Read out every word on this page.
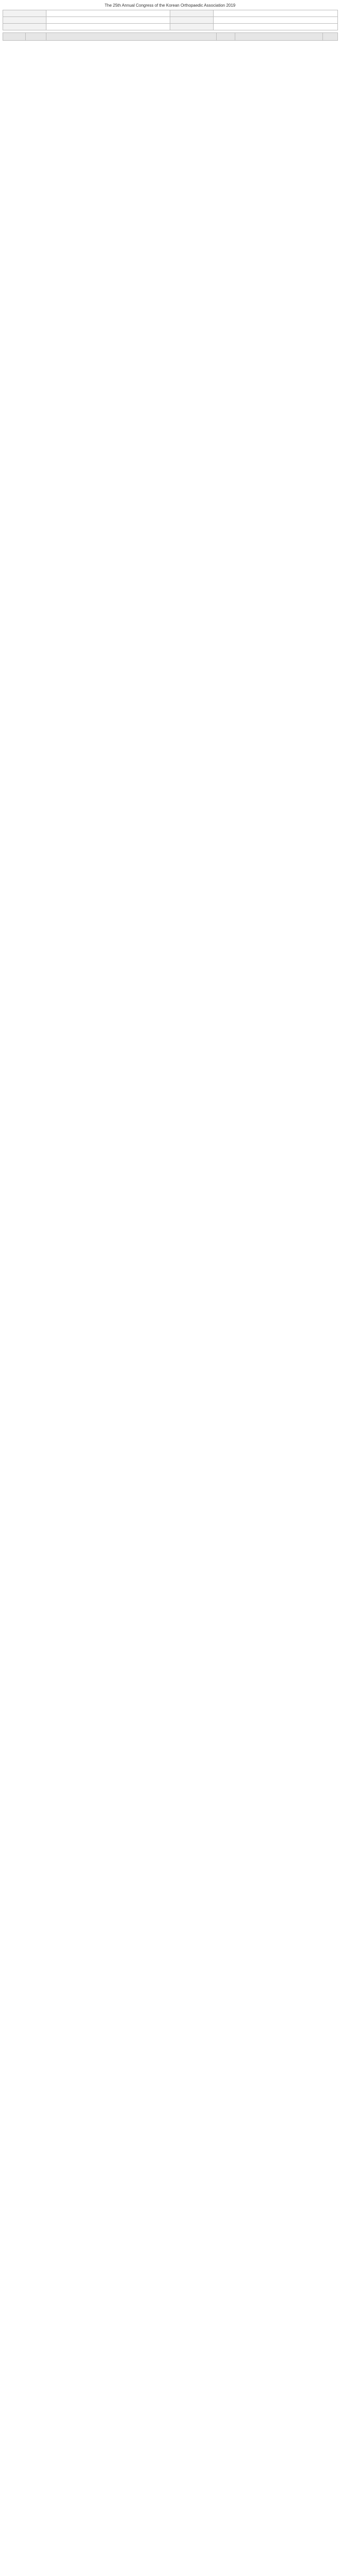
The 25th Annual Congress of the Korean Orthopaedic Association 2019
